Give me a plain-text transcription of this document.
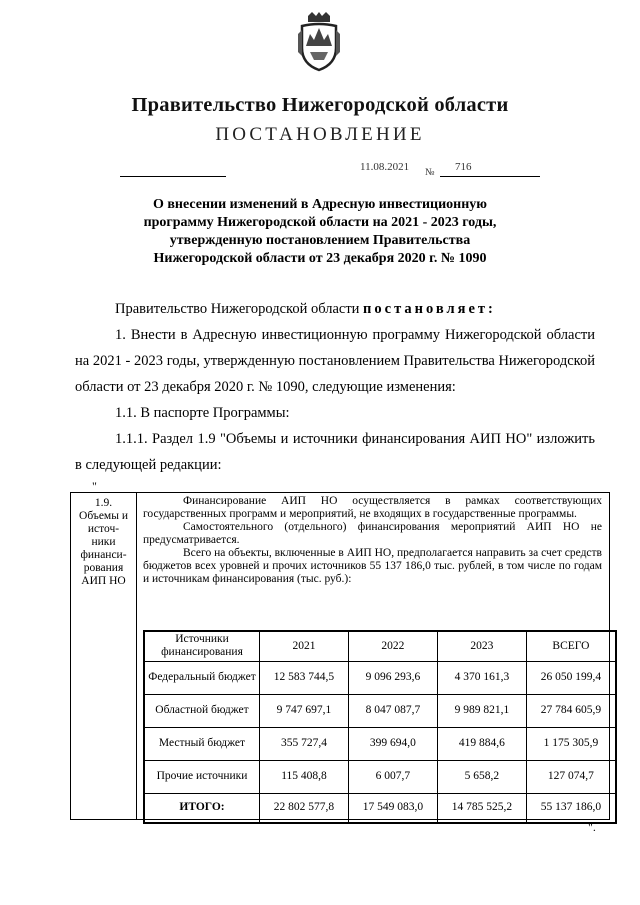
Правительство Нижегородской области
ПОСТАНОВЛЕНИЕ
11.08.2021 № 716
О внесении изменений в Адресную инвестиционную
программу Нижегородской области на 2021 - 2023 годы,
утвержденную постановлением Правительства
Нижегородской области от 23 декабря 2020 г. № 1090
Правительство Нижегородской области постановляет:
1. Внести в Адресную инвестиционную программу Нижегородской области на 2021 - 2023 годы, утвержденную постановлением Правительства Нижегородской области от 23 декабря 2020 г. № 1090, следующие изменения:
1.1. В паспорте Программы:
1.1.1. Раздел 1.9 "Объемы и источники финансирования АИП НО" изложить в следующей редакции:
"
1.9.
Объемы и
источ-
ники
финанси-
рования
АИП НО

Финансирование АИП НО осуществляется в рамках соответствующих государственных программ и мероприятий, не входящих в государственные программы.

Самостоятельного (отдельного) финансирования мероприятий АИП НО не предусматривается.

Всего на объекты, включенные в АИП НО, предполагается направить за счет средств бюджетов всех уровней и прочих источников 55 137 186,0 тыс. рублей, в том числе по годам и источникам финансирования (тыс. руб.):

Источники финансирования	2021	2022	2023	ВСЕГО
Федеральный бюджет	12 583 744,5	9 096 293,6	4 370 161,3	26 050 199,4
Областной бюджет	9 747 697,1	8 047 087,7	9 989 821,1	27 784 605,9
Местный бюджет	355 727,4	399 694,0	419 884,6	1 175 305,9
Прочие источники	115 408,8	6 007,7	5 658,2	127 074,7
ИТОГО:	22 802 577,8	17 549 083,0	14 785 525,2	55 137 186,0
".
